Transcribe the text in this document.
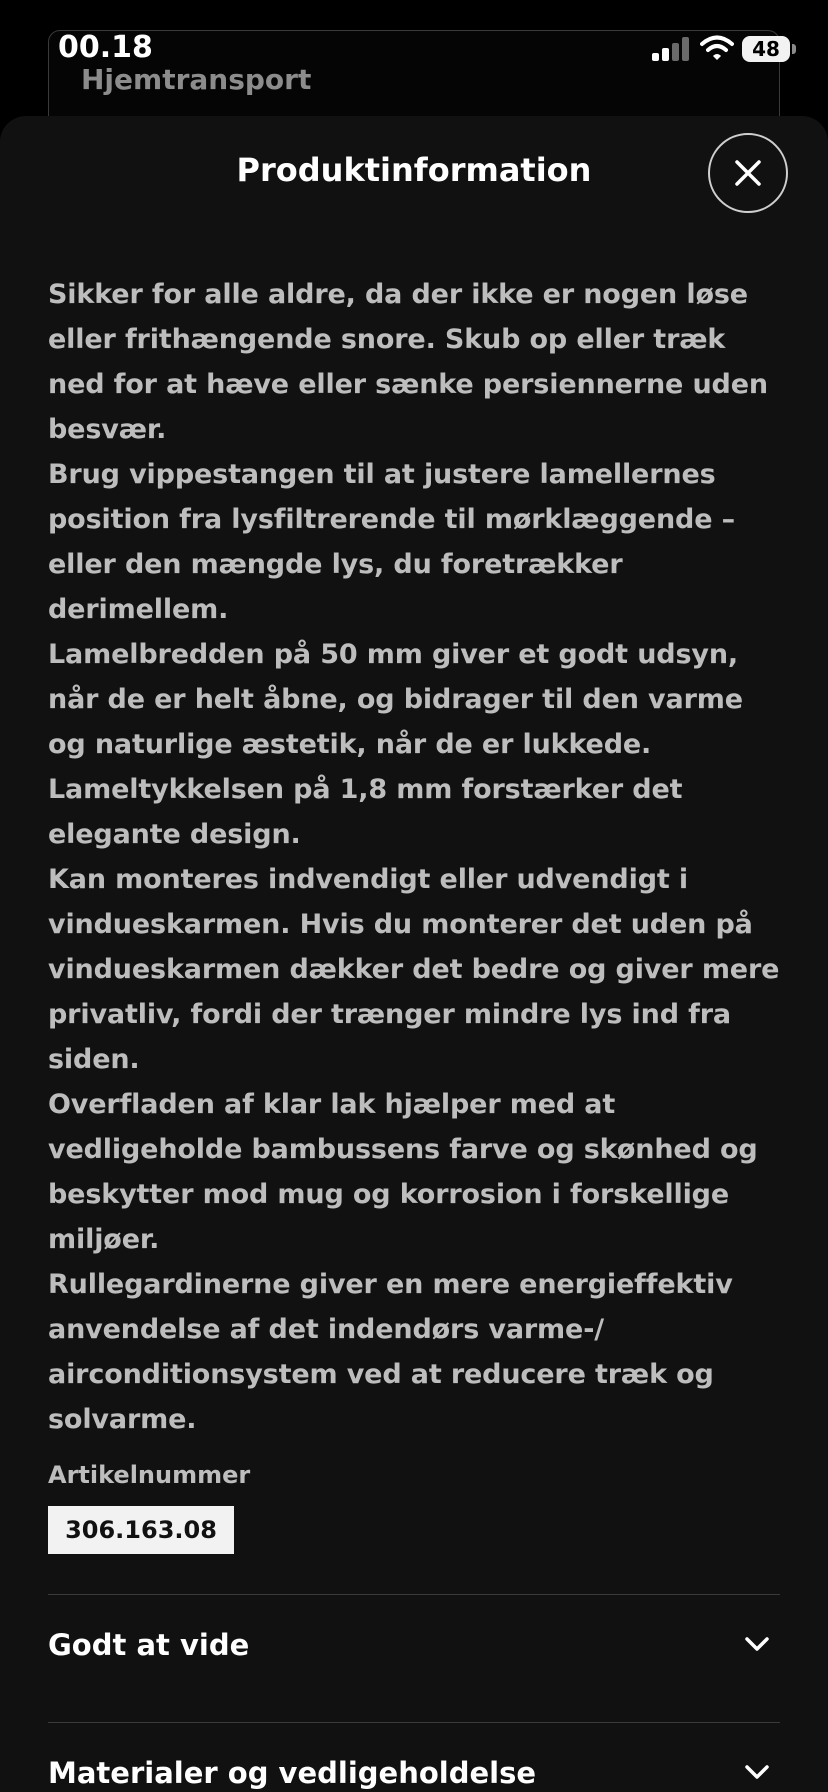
Hjemtransport
00.18	48
Produktinformation

Sikker for alle aldre, da der ikke er nogen løse eller frithængende snore. Skub op eller træk ned for at hæve eller sænke persiennerne uden besvær.

Brug vippestangen til at justere lamellernes position fra lysfiltrerende til mørklæggende – eller den mængde lys, du foretrækker derimellem.

Lamelbredden på 50 mm giver et godt udsyn, når de er helt åbne, og bidrager til den varme og naturlige æstetik, når de er lukkede.

Lameltykkelsen på 1,8 mm forstærker det elegante design.

Kan monteres indvendigt eller udvendigt i vindueskarmen. Hvis du monterer det uden på vindueskarmen dækker det bedre og giver mere privatliv, fordi der trænger mindre lys ind fra siden.

Overfladen af klar lak hjælper med at vedligeholde bambussens farve og skønhed og beskytter mod mug og korrosion i forskellige miljøer.

Rullegardinerne giver en mere energieffektiv anvendelse af det indendørs varme-/ airconditionsystem ved at reducere træk og solvarme.

Artikelnummer
306.163.08
Godt at vide
Materialer og vedligeholdelse
